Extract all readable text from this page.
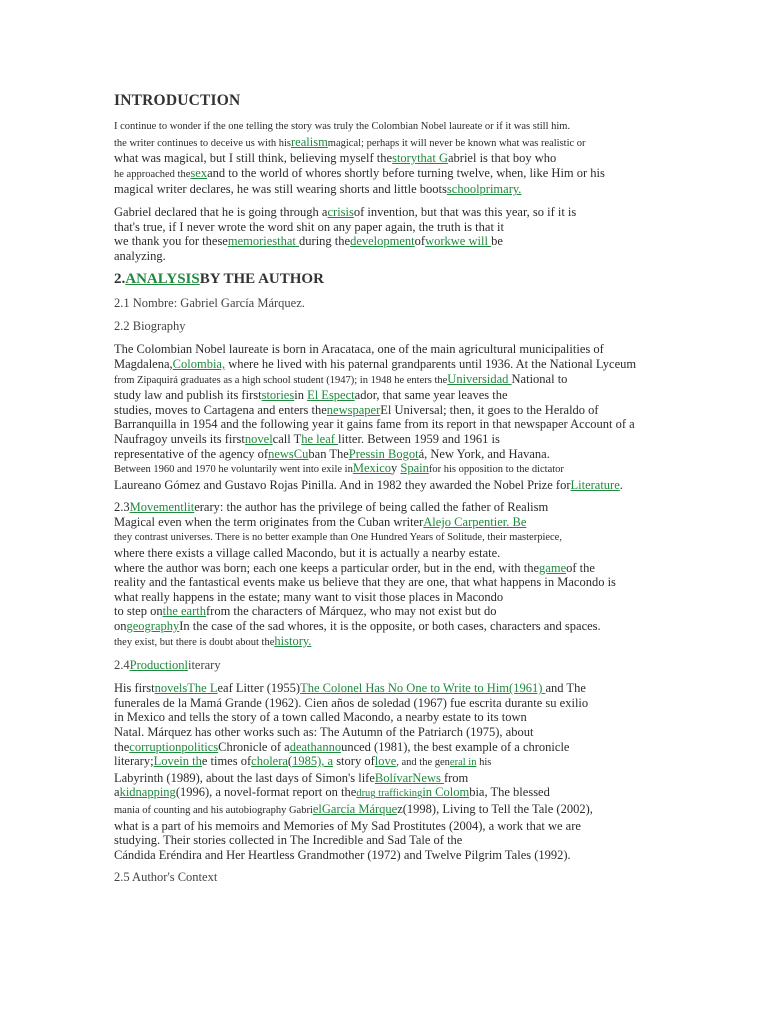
INTRODUCTION

I continue to wonder if the one telling the story was truly the Colombian Nobel laureate or if it was still him.
the writer continues to deceive us with hisrealismmagical; perhaps it will never be known what was realistic or
what was magical, but I still think, believing myself thestorythat Gabriel is that boy who
he approached thesexand to the world of whores shortly before turning twelve, when, like Him or his
magical writer declares, he was still wearing shorts and little bootsschoolprimary.

Gabriel declared that he is going through acrisisof invention, but that was this year, so if it is
that's true, if I never wrote the word shit on any paper again, the truth is that it
we thank you for thesememoriesthat during thedevelopmentofworkwe will be
analyzing.

2.ANALYSISBY THE AUTHOR
2.1 Nombre: Gabriel García Márquez.
2.2 Biography

The Colombian Nobel laureate is born in Aracataca, one of the main agricultural municipalities of
Magdalena,Colombia, where he lived with his paternal grandparents until 1936. At the National Lyceum
from Zipaquirá graduates as a high school student (1947); in 1948 he enters theUniversidad National to
study law and publish its firststoriesin El Espectador, that same year leaves the
studies, moves to Cartagena and enters thenewspaperEl Universal; then, it goes to the Heraldo of
Barranquilla in 1954 and the following year it gains fame from its report in that newspaper Account of a
Naufragoy unveils its firstnovelcall The leaf litter. Between 1959 and 1961 is
representative of the agency ofnewsCuban ThePressin Bogotá, New York, and Havana.
Between 1960 and 1970 he voluntarily went into exile inMexicoy Spainfor his opposition to the dictator
Laureano Gómez and Gustavo Rojas Pinilla. And in 1982 they awarded the Nobel Prize forLiterature.

2.3Movementliterary: the author has the privilege of being called the father of Realism
Magical even when the term originates from the Cuban writerAlejo Carpentier. Be
they contrast universes. There is no better example than One Hundred Years of Solitude, their masterpiece,
where there exists a village called Macondo, but it is actually a nearby estate.
where the author was born; each one keeps a particular order, but in the end, with thegameof the
reality and the fantastical events make us believe that they are one, that what happens in Macondo is
what really happens in the estate; many want to visit those places in Macondo
to step onthe earthfrom the characters of Márquez, who may not exist but do
ongeographyIn the case of the sad whores, it is the opposite, or both cases, characters and spaces.
they exist, but there is doubt about thehistory.

2.4Productionliterary

His firstnovelsThe Leaf Litter (1955)The Colonel Has No One to Write to Him(1961) and The
funerales de la Mamá Grande (1962). Cien años de soledad (1967) fue escrita durante su exilio
in Mexico and tells the story of a town called Macondo, a nearby estate to its town
Natal. Márquez has other works such as: The Autumn of the Patriarch (1975), about
thecorruptionpoliticsChronicle of adeathannounced (1981), the best example of a chronicle
literary;Lovein the times ofcholera(1985), a story oflove, and the general in his
Labyrinth (1989), about the last days of Simon's lifeBolívarNews from
akidnapping(1996), a novel-format report on thedrug traffickingin Colombia, The blessed
mania of counting and his autobiography GabrielGarcía Márquez(1998), Living to Tell the Tale (2002),
what is a part of his memoirs and Memories of My Sad Prostitutes (2004), a work that we are
studying. Their stories collected in The Incredible and Sad Tale of the
Cándida Eréndira and Her Heartless Grandmother (1972) and Twelve Pilgrim Tales (1992).

2.5 Author's Context
